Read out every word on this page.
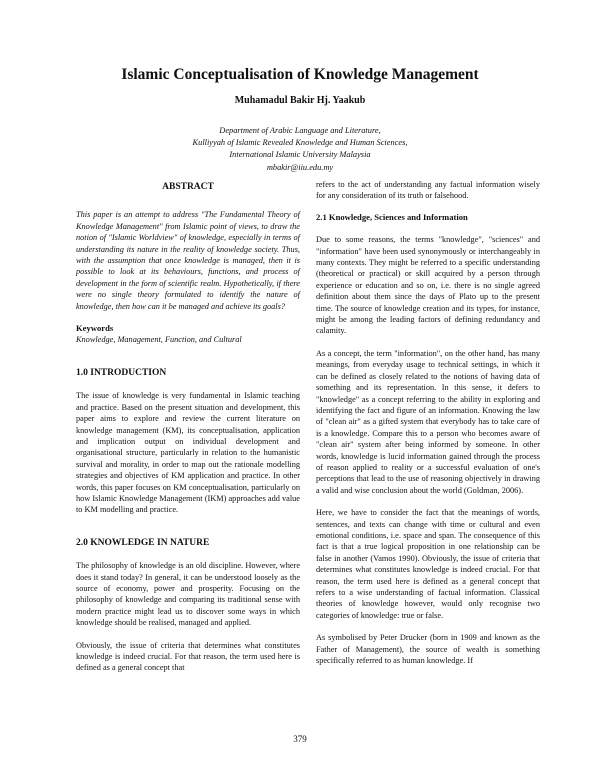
Islamic Conceptualisation of Knowledge Management
Muhamadul Bakir Hj. Yaakub
Department of Arabic Language and Literature,
Kulliyyah of Islamic Revealed Knowledge and Human Sciences,
International Islamic University Malaysia
mbakir@iiu.edu.my
ABSTRACT

This paper is an attempt to address "The Fundamental Theory of Knowledge Management" from Islamic point of views, to draw the notion of "Islamic Worldview" of knowledge, especially in terms of understanding its nature in the reality of knowledge society. Thus, with the assumption that once knowledge is managed, then it is possible to look at its behaviours, functions, and process of development in the form of scientific realm. Hypothetically, if there were no single theory formulated to identify the nature of knowledge, then how can it be managed and achieve its goals?

Keywords

Knowledge, Management, Function, and Cultural

1.0 INTRODUCTION

The issue of knowledge is very fundamental in Islamic teaching and practice. Based on the present situation and development, this paper aims to explore and review the current literature on knowledge management (KM), its conceptualisation, application and implication output on individual development and organisational structure, particularly in relation to the humanistic survival and morality, in order to map out the rationale modelling strategies and objectives of KM application and practice. In other words, this paper focuses on KM conceptualisation, particularly on how Islamic Knowledge Management (IKM) approaches add value to KM modelling and practice.

2.0 KNOWLEDGE IN NATURE

The philosophy of knowledge is an old discipline. However, where does it stand today? In general, it can be understood loosely as the source of economy, power and prosperity. Focusing on the philosophy of knowledge and comparing its traditional sense with modern practice might lead us to discover some ways in which knowledge should be realised, managed and applied.

Obviously, the issue of criteria that determines what constitutes knowledge is indeed crucial. For that reason, the term used here is defined as a general concept that

refers to the act of understanding any factual information wisely for any consideration of its truth or falsehood.

2.1 Knowledge, Sciences and Information

Due to some reasons, the terms "knowledge", "sciences" and "information" have been used synonymously or interchangeably in many contexts. They might be referred to a specific understanding (theoretical or practical) or skill acquired by a person through experience or education and so on, i.e. there is no single agreed definition about them since the days of Plato up to the present time. The source of knowledge creation and its types, for instance, might be among the leading factors of defining redundancy and calamity.

As a concept, the term "information", on the other hand, has many meanings, from everyday usage to technical settings, in which it can be defined as closely related to the notions of having data of something and its representation. In this sense, it defers to "knowledge" as a concept referring to the ability in exploring and identifying the fact and figure of an information. Knowing the law of "clean air" as a gifted system that everybody has to take care of is a knowledge. Compare this to a person who becomes aware of "clean air" system after being informed by someone. In other words, knowledge is lucid information gained through the process of reason applied to reality or a successful evaluation of one's perceptions that lead to the use of reasoning objectively in drawing a valid and wise conclusion about the world (Goldman, 2006).

Here, we have to consider the fact that the meanings of words, sentences, and texts can change with time or cultural and even emotional conditions, i.e. space and span. The consequence of this fact is that a true logical proposition in one relationship can be false in another (Vamos 1990). Obviously, the issue of criteria that determines what constitutes knowledge is indeed crucial. For that reason, the term used here is defined as a general concept that refers to a wise understanding of factual information. Classical theories of knowledge however, would only recognise two categories of knowledge: true or false.

As symbolised by Peter Drucker (born in 1909 and known as the Father of Management), the source of wealth is something specifically referred to as human knowledge. If

379
